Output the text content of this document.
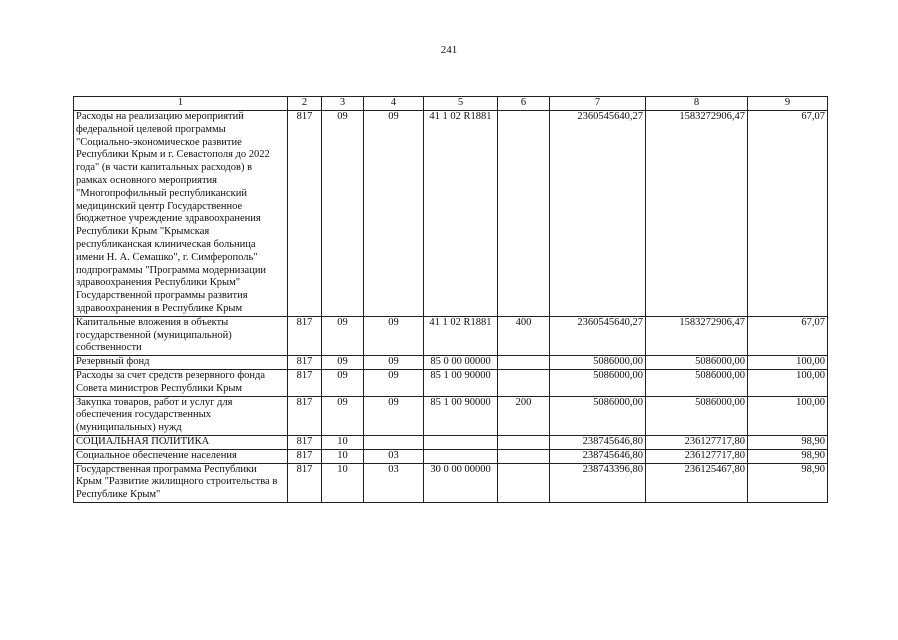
241
1	2	3	4	5	6	7	8	9
Расходы на реализацию мероприятий федеральной целевой программы "Социально-экономическое развитие Республики Крым и г. Севастополя до 2022 года" (в части капитальных расходов) в рамках основного мероприятия "Многопрофильный республиканский медицинский центр Государственное бюджетное учреждение здравоохранения Республики Крым "Крымская республиканская клиническая больница имени Н. А. Семашко", г. Симферополь" подпрограммы "Программа модернизации здравоохранения Республики Крым" Государственной программы развития здравоохранения в Республике Крым	817	09	09	41 1 02 R1881		2360545640,27	1583272906,47	67,07
Капитальные вложения в объекты государственной (муниципальной) собственности	817	09	09	41 1 02 R1881	400	2360545640,27	1583272906,47	67,07
Резервный фонд	817	09	09	85 0 00 00000		5086000,00	5086000,00	100,00
Расходы за счет средств резервного фонда Совета министров Республики Крым	817	09	09	85 1 00 90000		5086000,00	5086000,00	100,00
Закупка товаров, работ и услуг для обеспечения государственных (муниципальных) нужд	817	09	09	85 1 00 90000	200	5086000,00	5086000,00	100,00
СОЦИАЛЬНАЯ ПОЛИТИКА	817	10				238745646,80	236127717,80	98,90
Социальное обеспечение населения	817	10	03			238745646,80	236127717,80	98,90
Государственная программа Республики Крым "Развитие жилищного строительства в Республике Крым"	817	10	03	30 0 00 00000		238743396,80	236125467,80	98,90
